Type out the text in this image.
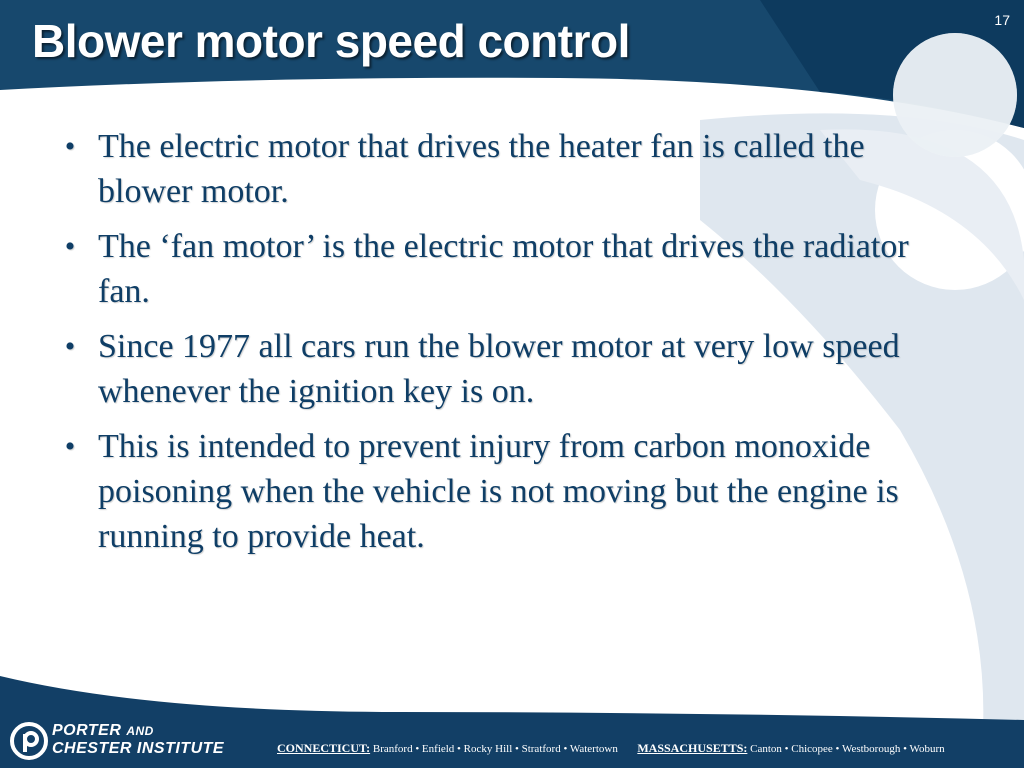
Blower motor speed control	17
• The electric motor that drives the heater fan is called the blower motor.
• The ‘fan motor’ is the electric motor that drives the radiator fan.
• Since 1977 all cars run the blower motor at very low speed whenever the ignition key is on.
• This is intended to prevent injury from carbon monoxide poisoning when the vehicle is not moving but the engine is running to provide heat.
PORTER AND
CHESTER INSTITUTE	CONNECTICUT: Branford • Enfield • Rocky Hill • Stratford • Watertown MASSACHUSETTS: Canton • Chicopee • Westborough • Woburn
